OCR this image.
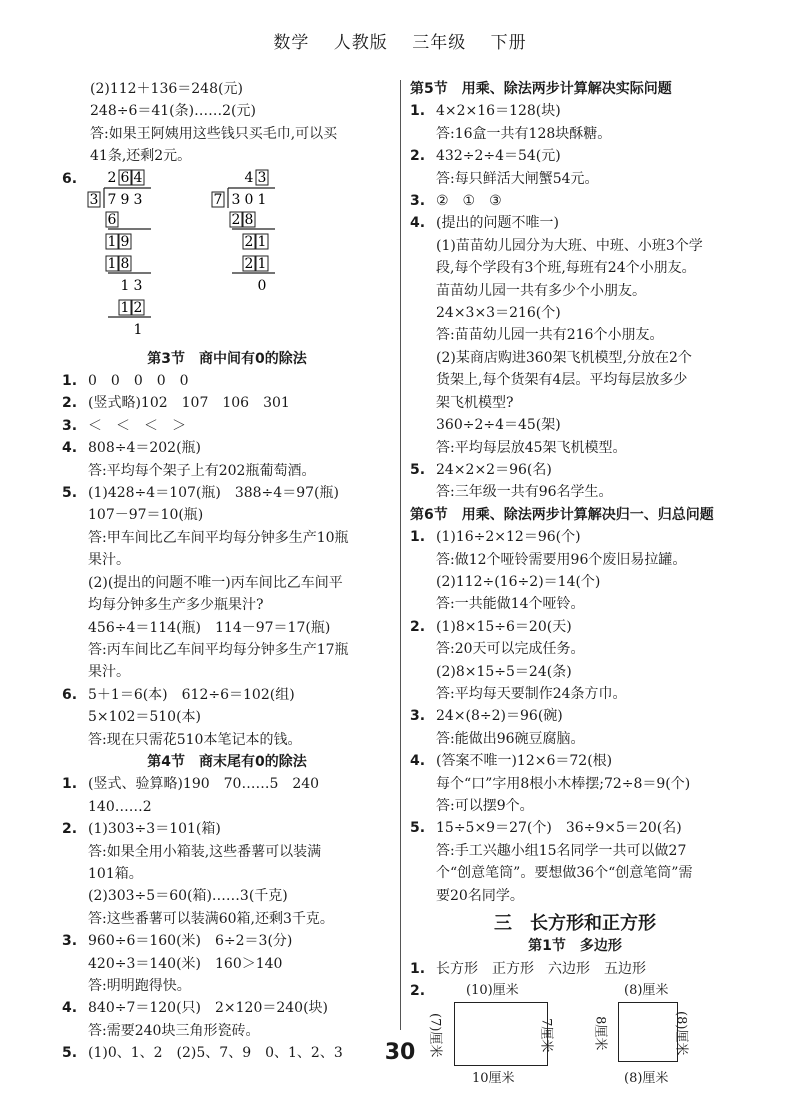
数学 人教版 三年级 下册
(2)112＋136＝248(元)
248÷6＝41(条)……2(元)
答:如果王阿姨用这些钱只买毛巾,可以买
41条,还剩2元。
6.	2 6 4
3 7 9 3
6
1 9
1 8
1 3
1 2
1
4 3
7 3 0 1
2 8
2 1
2 1
0
第3节　商中间有0的除法
1. 0　0　0　0　0
2. (竖式略)102　107　106　301
3. ＜　＜　＜　＞
4. 808÷4＝202(瓶)
答:平均每个架子上有202瓶葡萄酒。
5. (1)428÷4＝107(瓶)　388÷4＝97(瓶)
107－97＝10(瓶)
答:甲车间比乙车间平均每分钟多生产10瓶
果汁。
(2)(提出的问题不唯一)丙车间比乙车间平
均每分钟多生产多少瓶果汁?
456÷4＝114(瓶)　114－97＝17(瓶)
答:丙车间比乙车间平均每分钟多生产17瓶
果汁。
6. 5＋1＝6(本)　612÷6＝102(组)
5×102＝510(本)
答:现在只需花510本笔记本的钱。
第4节　商末尾有0的除法
1. (竖式、验算略)190　70……5　240
140……2
2. (1)303÷3＝101(箱)
答:如果全用小箱装,这些番薯可以装满
101箱。
(2)303÷5＝60(箱)……3(千克)
答:这些番薯可以装满60箱,还剩3千克。
3. 960÷6＝160(米)　6÷2＝3(分)
420÷3＝140(米)　160＞140
答:明明跑得快。
4. 840÷7＝120(只)　2×120＝240(块)
答:需要240块三角形瓷砖。
5. (1)0、1、2　(2)5、7、9　0、1、2、3
第5节　用乘、除法两步计算解决实际问题
1. 4×2×16＝128(块)
答:16盒一共有128块酥糖。
2. 432÷2÷4＝54(元)
答:每只鲜活大闸蟹54元。
3. ②　①　③
4. (提出的问题不唯一)
(1)苗苗幼儿园分为大班、中班、小班3个学
段,每个学段有3个班,每班有24个小朋友。
苗苗幼儿园一共有多少个小朋友。
24×3×3＝216(个)
答:苗苗幼儿园一共有216个小朋友。
(2)某商店购进360架飞机模型,分放在2个
货架上,每个货架有4层。平均每层放多少
架飞机模型?
360÷2÷4＝45(架)
答:平均每层放45架飞机模型。
5. 24×2×2＝96(名)
答:三年级一共有96名学生。
第6节　用乘、除法两步计算解决归一、归总问题
1. (1)16÷2×12＝96(个)
答:做12个哑铃需要用96个废旧易拉罐。
(2)112÷(16÷2)＝14(个)
答:一共能做14个哑铃。
2. (1)8×15÷6＝20(天)
答:20天可以完成任务。
(2)8×15÷5＝24(条)
答:平均每天要制作24条方巾。
3. 24×(8÷2)＝96(碗)
答:能做出96碗豆腐脑。
4. (答案不唯一)12×6＝72(根)
每个“口”字用8根小木棒摆;72÷8＝9(个)
答:可以摆9个。
5. 15÷5×9＝27(个)　36÷9×5＝20(名)
答:手工兴趣小组15名同学一共可以做27
个“创意笔筒”。要想做36个“创意笔筒”需
要20名同学。
三　长方形和正方形
第1节　多边形
1. 长方形　正方形　六边形　五边形
2.	(10)厘米
(7)厘米	7厘米
10厘米
(8)厘米
8厘米	(8)厘米
(8)厘米
30
